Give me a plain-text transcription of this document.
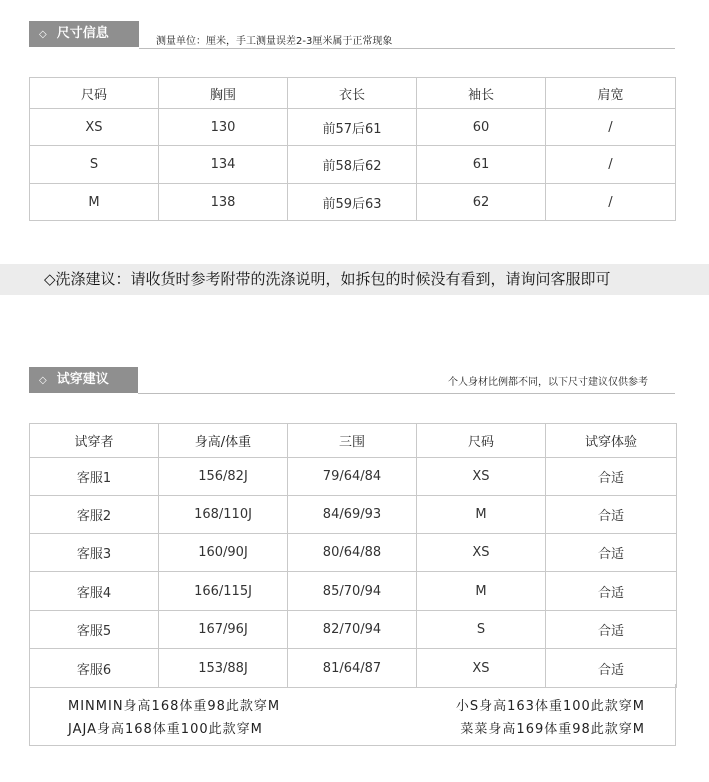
◇ 尺寸信息
测量单位：厘米，手工测量误差2-3厘米属于正常现象
尺码	胸围	衣长	袖长	肩宽
XS	130	前57后61	60	/
S	134	前58后62	61	/
M	138	前59后63	62	/
◇洗涤建议：请收货时参考附带的洗涤说明，如拆包的时候没有看到，请询问客服即可
◇ 试穿建议	个人身材比例都不同，以下尺寸建议仅供参考
试穿者	身高/体重	三围	尺码	试穿体验
客服1	156/82J	79/64/84	XS	合适
客服2	168/110J	84/69/93	M	合适
客服3	160/90J	80/64/88	XS	合适
客服4	166/115J	85/70/94	M	合适
客服5	167/96J	82/70/94	S	合适
客服6	153/88J	81/64/87	XS	合适
MINMIN身高168体重98此款穿M
JAJA身高168体重100此款穿M
小S身高163体重100此款穿M
菜菜身高169体重98此款穿M
